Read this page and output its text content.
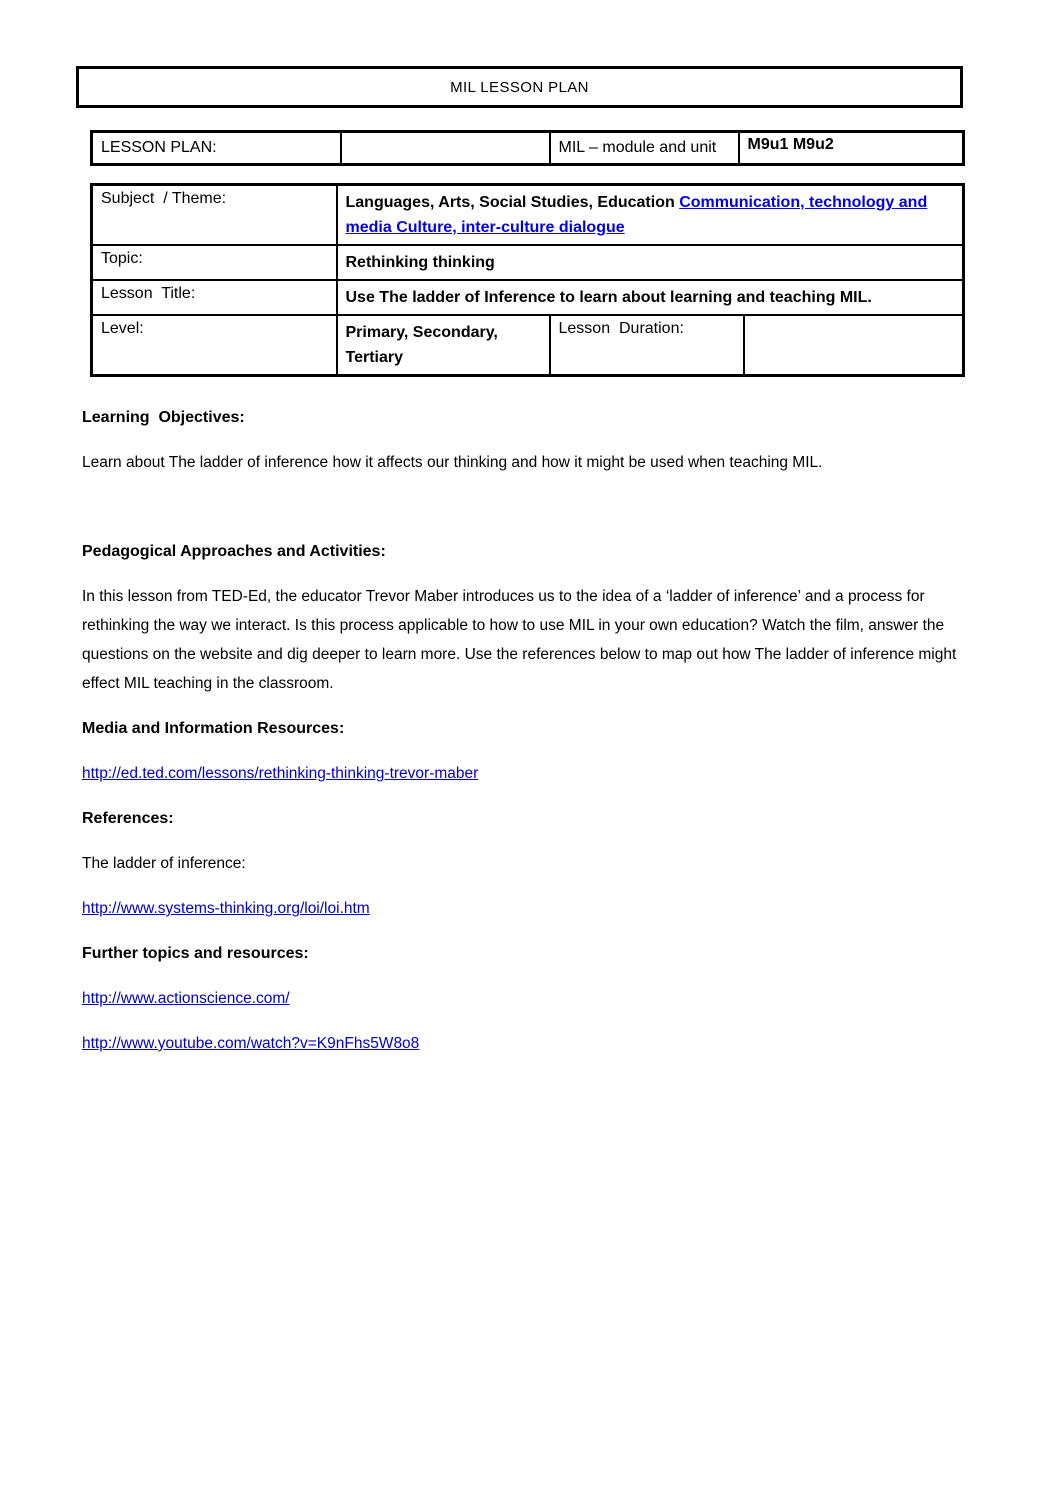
MIL LESSON PLAN
LESSON PLAN:		MIL – module and unit	M9u1 M9u2
Subject  / Theme:	Languages, Arts, Social Studies, Education Communication, technology and media Culture, inter-culture dialogue		
Topic:	Rethinking thinking		
Lesson  Title:	Use The ladder of Inference to learn about learning and teaching MIL.		
Level:	Primary, Secondary, Tertiary	Lesson  Duration:	

Learning  Objectives:

Learn about The ladder of inference how it affects our thinking and how it might be used when teaching MIL.

Pedagogical Approaches and Activities:

In this lesson from TED-Ed, the educator Trevor Maber introduces us to the idea of a ‘ladder of inference’ and a process for rethinking the way we interact. Is this process applicable to how to use MIL in your own education? Watch the film, answer the questions on the website and dig deeper to learn more. Use the references below to map out how The ladder of inference might effect MIL teaching in the classroom.

Media and Information Resources:

http://ed.ted.com/lessons/rethinking-thinking-trevor-maber

References:

The ladder of inference:

http://www.systems-thinking.org/loi/loi.htm

Further topics and resources:

http://www.actionscience.com/

http://www.youtube.com/watch?v=K9nFhs5W8o8
